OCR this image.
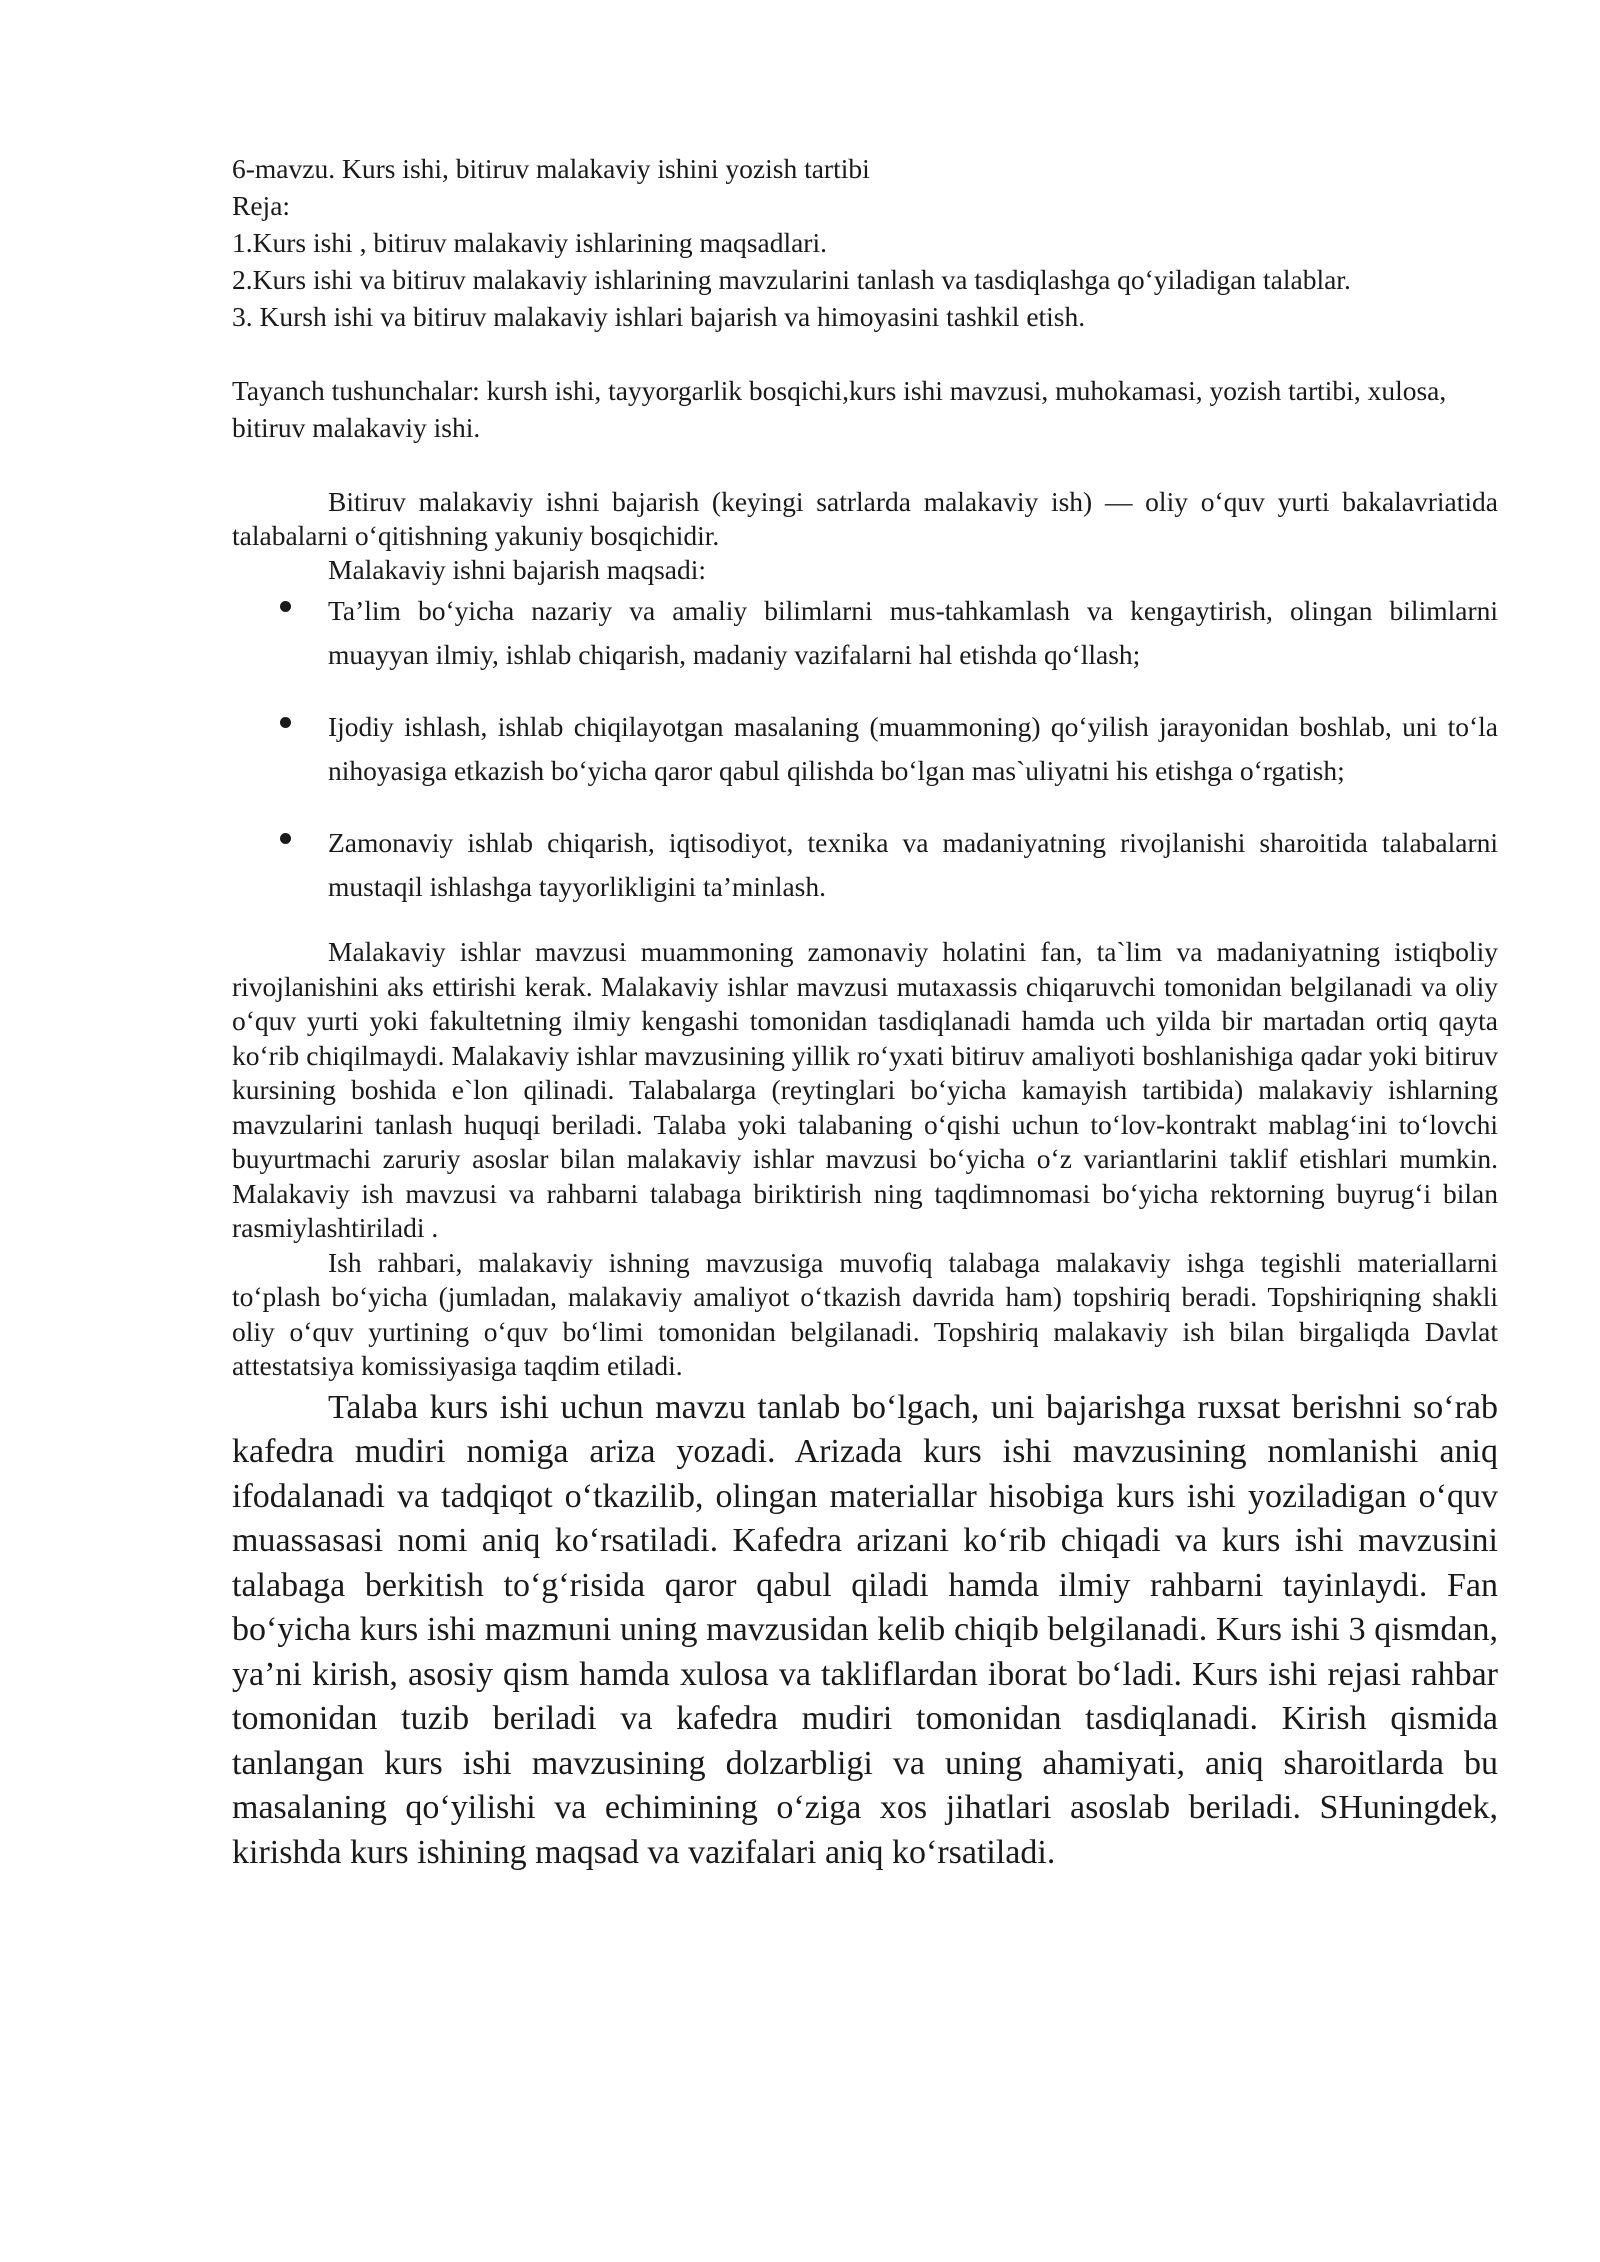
6-mavzu. Kurs ishi, bitiruv malakaviy ishini yozish tartibi

Reja:

1.Kurs ishi , bitiruv malakaviy ishlarining maqsadlari.

2.Kurs ishi va bitiruv malakaviy ishlarining mavzularini tanlash va tasdiqlashga qo‘yiladigan talablar.

3. Kursh ishi va bitiruv malakaviy ishlari bajarish va himoyasini tashkil etish.

Tayanch tushunchalar: kursh ishi, tayyorgarlik bosqichi,kurs ishi mavzusi, muhokamasi, yozish tartibi, xulosa, bitiruv malakaviy ishi.

Bitiruv malakaviy ishni bajarish (keyingi satrlarda malakaviy ish) — oliy o‘quv yurti bakalavriatida talabalarni o‘qitishning yakuniy bosqichidir.

Malakaviy ishni bajarish maqsadi:

Ta’lim bo‘yicha nazariy va amaliy bilimlarni mus-tahkamlash va kengaytirish, olingan bilimlarni muayyan ilmiy, ishlab chiqarish, madaniy vazifalarni hal etishda qo‘llash;
Ijodiy ishlash, ishlab chiqilayotgan masalaning (muammoning) qo‘yilish jarayonidan boshlab, uni to‘la nihoyasiga etkazish bo‘yicha qaror qabul qilishda bo‘lgan mas`uliyatni his etishga o‘rgatish;
Zamonaviy ishlab chiqarish, iqtisodiyot, texnika va madaniyatning rivojlanishi sharoitida talabalarni mustaqil ishlashga tayyorlikligini ta’minlash.

Malakaviy ishlar mavzusi muammoning zamonaviy holatini fan, ta`lim va madaniyatning istiqboliy rivojlanishini aks ettirishi kerak. Malakaviy ishlar mavzusi mutaxassis chiqaruvchi tomonidan belgilanadi va oliy o‘quv yurti yoki fakultetning ilmiy kengashi tomonidan tasdiqlanadi hamda uch yilda bir martadan ortiq qayta ko‘rib chiqilmaydi. Malakaviy ishlar mavzusining yillik ro‘yxati bitiruv amaliyoti boshlanishiga qadar yoki bitiruv kursining boshida e`lon qilinadi. Talabalarga (reytinglari bo‘yicha kamayish tartibida) malakaviy ishlarning mavzularini tanlash huquqi beriladi. Talaba yoki talabaning o‘qishi uchun to‘lov-kontrakt mablag‘ini to‘lovchi buyurtmachi zaruriy asoslar bilan malakaviy ishlar mavzusi bo‘yicha o‘z variantlarini taklif etishlari mumkin. Malakaviy ish mavzusi va rahbarni talabaga biriktirish ning taqdimnomasi bo‘yicha rektorning buyrug‘i bilan rasmiylashtiriladi .

Ish rahbari, malakaviy ishning mavzusiga muvofiq talabaga malakaviy ishga tegishli materiallarni to‘plash bo‘yicha (jumladan, malakaviy amaliyot o‘tkazish davrida ham) topshiriq beradi. Topshiriqning shakli oliy o‘quv yurtining o‘quv bo‘limi tomonidan belgilanadi. Topshiriq malakaviy ish bilan birgaliqda Davlat attestatsiya komissiyasiga taqdim etiladi.

Talaba kurs ishi uchun mavzu tanlab bo‘lgach, uni bajarishga ruxsat berishni so‘rab kafedra mudiri nomiga ariza yozadi. Arizada kurs ishi mavzusining nomlanishi aniq ifodalanadi va tadqiqot o‘tkazilib, olingan materiallar hisobiga kurs ishi yoziladigan o‘quv muassasasi nomi aniq ko‘rsatiladi. Kafedra arizani ko‘rib chiqadi va kurs ishi mavzusini talabaga berkitish to‘g‘risida qaror qabul qiladi hamda ilmiy rahbarni tayinlaydi. Fan bo‘yicha kurs ishi mazmuni uning mavzusidan kelib chiqib belgilanadi. Kurs ishi 3 qismdan, ya’ni kirish, asosiy qism hamda xulosa va takliflardan iborat bo‘ladi. Kurs ishi rejasi rahbar tomonidan tuzib beriladi va kafedra mudiri tomonidan tasdiqlanadi. Kirish qismida tanlangan kurs ishi mavzusining dolzarbligi va uning ahamiyati, aniq sharoitlarda bu masalaning qo‘yilishi va echimining o‘ziga xos jihatlari asoslab beriladi. SHuningdek, kirishda kurs ishining maqsad va vazifalari aniq ko‘rsatiladi.
